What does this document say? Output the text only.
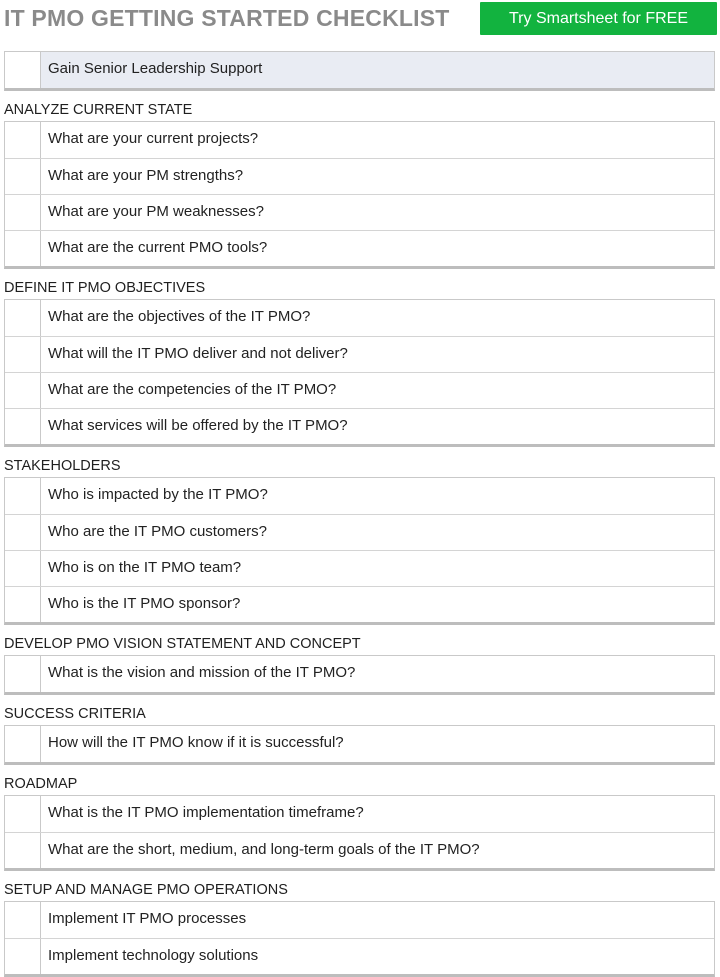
IT PMO GETTING STARTED CHECKLIST	Try Smartsheet for FREE
Gain Senior Leadership Support
ANALYZE CURRENT STATE
What are your current projects?
What are your PM strengths?
What are your PM weaknesses?
What are the current PMO tools?
DEFINE IT PMO OBJECTIVES
What are the objectives of the IT PMO?
What will the IT PMO deliver and not deliver?
What are the competencies of the IT PMO?
What services will be offered by the IT PMO?
STAKEHOLDERS
Who is impacted by the IT PMO?
Who are the IT PMO customers?
Who is on the IT PMO team?
Who is the IT PMO sponsor?
DEVELOP PMO VISION STATEMENT AND CONCEPT
What is the vision and mission of the IT PMO?
SUCCESS CRITERIA
How will the IT PMO know if it is successful?
ROADMAP
What is the IT PMO implementation timeframe?
What are the short, medium, and long-term goals of the IT PMO?
SETUP AND MANAGE PMO OPERATIONS
Implement IT PMO processes
Implement technology solutions
